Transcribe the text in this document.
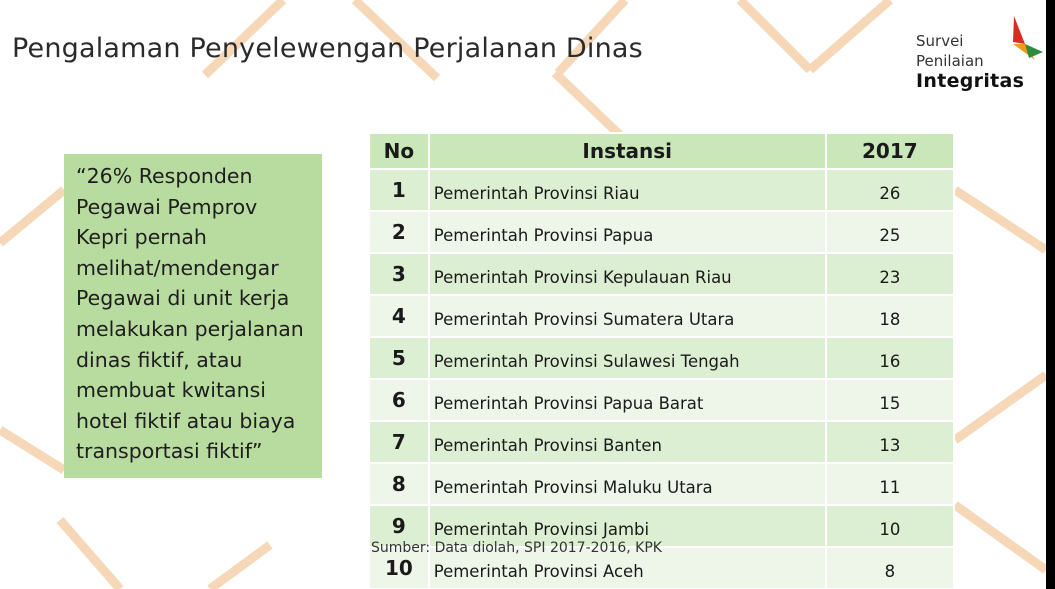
Pengalaman Penyelewengan Perjalanan Dinas	Survei
Penilaian
Integritas

“26% Responden
Pegawai Pemprov
Kepri pernah
melihat/mendengar
Pegawai di unit kerja
melakukan perjalanan
dinas fiktif, atau
membuat kwitansi
hotel fiktif atau biaya
transportasi fiktif”

No	Instansi	2017
1	Pemerintah Provinsi Riau	26
2	Pemerintah Provinsi Papua	25
3	Pemerintah Provinsi Kepulauan Riau	23
4	Pemerintah Provinsi Sumatera Utara	18
5	Pemerintah Provinsi Sulawesi Tengah	16
6	Pemerintah Provinsi Papua Barat	15
7	Pemerintah Provinsi Banten	13
8	Pemerintah Provinsi Maluku Utara	11
9	Pemerintah Provinsi Jambi	10
10	Pemerintah Provinsi Aceh	8
Sumber: Data diolah, SPI 2017-2016, KPK
